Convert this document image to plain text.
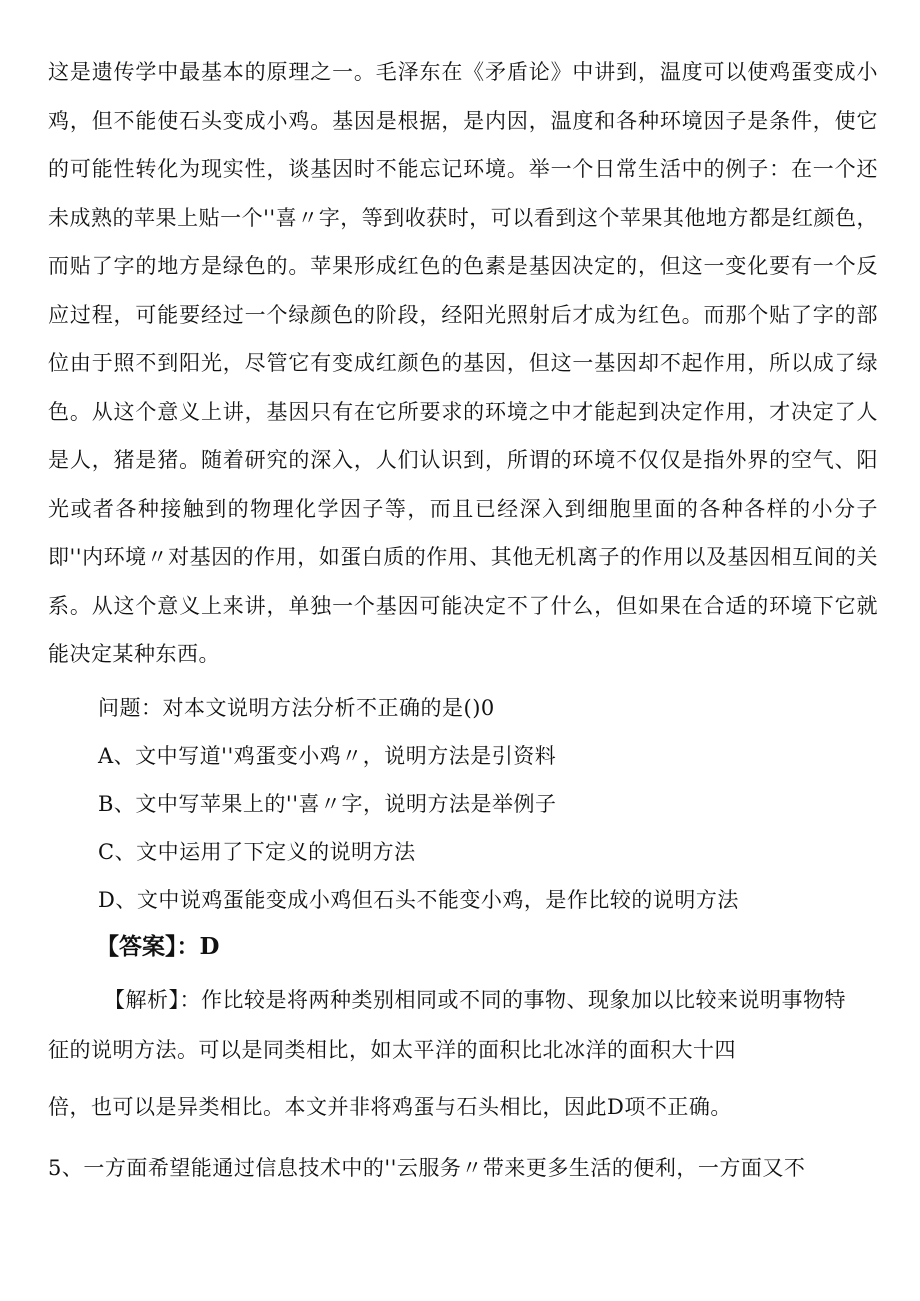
这是遗传学中最基本的原理之一。毛泽东在《矛盾论》中讲到，温度可以使鸡蛋变成小鸡，但不能使石头变成小鸡。基因是根据，是内因，温度和各种环境因子是条件，使它的可能性转化为现实性，谈基因时不能忘记环境。举一个日常生活中的例子：在一个还未成熟的苹果上贴一个''喜〃字，等到收获时，可以看到这个苹果其他地方都是红颜色，而贴了字的地方是绿色的。苹果形成红色的色素是基因决定的，但这一变化要有一个反应过程，可能要经过一个绿颜色的阶段，经阳光照射后才成为红色。而那个贴了字的部位由于照不到阳光，尽管它有变成红颜色的基因，但这一基因却不起作用，所以成了绿色。从这个意义上讲，基因只有在它所要求的环境之中才能起到决定作用，才决定了人是人，猪是猪。随着研究的深入，人们认识到，所谓的环境不仅仅是指外界的空气、阳光或者各种接触到的物理化学因子等，而且已经深入到细胞里面的各种各样的小分子即''内环境〃对基因的作用，如蛋白质的作用、其他无机离子的作用以及基因相互间的关系。从这个意义上来讲，单独一个基因可能决定不了什么，但如果在合适的环境下它就能决定某种东西。
问题：对本文说明方法分析不正确的是()0
A、文中写道''鸡蛋变小鸡〃，说明方法是引资料
B、文中写苹果上的''喜〃字，说明方法是举例子
C、文中运用了下定义的说明方法
D、文中说鸡蛋能变成小鸡但石头不能变小鸡，是作比较的说明方法
【答案】：D
【解析】：作比较是将两种类别相同或不同的事物、现象加以比较来说明事物特
征的说明方法。可以是同类相比，如太平洋的面积比北冰洋的面积大十四
倍，也可以是异类相比。本文并非将鸡蛋与石头相比，因此D项不正确。
5、一方面希望能通过信息技术中的''云服务〃带来更多生活的便利，一方面又不
